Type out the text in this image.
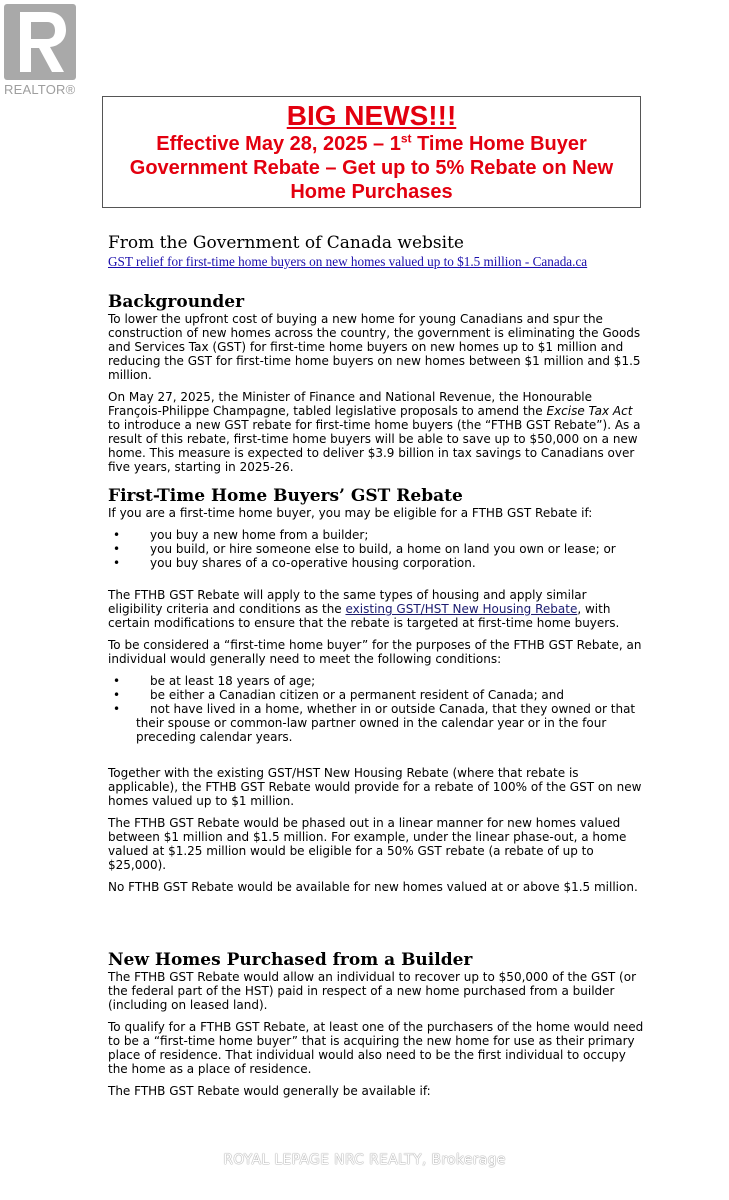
REALTOR®
BIG NEWS!!!
Effective May 28, 2025 – 1st Time Home Buyer
Government Rebate – Get up to 5% Rebate on New
Home Purchases
From the Government of Canada website
GST relief for first-time home buyers on new homes valued up to $1.5 million - Canada.ca
Backgrounder

To lower the upfront cost of buying a new home for young Canadians and spur the construction of new homes across the country, the government is eliminating the Goods and Services Tax (GST) for first-time home buyers on new homes up to $1 million and reducing the GST for first-time home buyers on new homes between $1 million and $1.5 million.

On May 27, 2025, the Minister of Finance and National Revenue, the Honourable François-Philippe Champagne, tabled legislative proposals to amend the Excise Tax Act to introduce a new GST rebate for first-time home buyers (the “FTHB GST Rebate”). As a result of this rebate, first-time home buyers will be able to save up to $50,000 on a new home. This measure is expected to deliver $3.9 billion in tax savings to Canadians over five years, starting in 2025-26.

First-Time Home Buyers’ GST Rebate

If you are a first-time home buyer, you may be eligible for a FTHB GST Rebate if:

• you buy a new home from a builder;
• you build, or hire someone else to build, a home on land you own or lease; or
• you buy shares of a co-operative housing corporation.

The FTHB GST Rebate will apply to the same types of housing and apply similar eligibility criteria and conditions as the existing GST/HST New Housing Rebate, with certain modifications to ensure that the rebate is targeted at first-time home buyers.

To be considered a “first-time home buyer” for the purposes of the FTHB GST Rebate, an individual would generally need to meet the following conditions:

• be at least 18 years of age;
• be either a Canadian citizen or a permanent resident of Canada; and
• not have lived in a home, whether in or outside Canada, that they owned or that their spouse or common-law partner owned in the calendar year or in the four preceding calendar years.

Together with the existing GST/HST New Housing Rebate (where that rebate is applicable), the FTHB GST Rebate would provide for a rebate of 100% of the GST on new homes valued up to $1 million.

The FTHB GST Rebate would be phased out in a linear manner for new homes valued between $1 million and $1.5 million. For example, under the linear phase-out, a home valued at $1.25 million would be eligible for a 50% GST rebate (a rebate of up to $25,000).

No FTHB GST Rebate would be available for new homes valued at or above $1.5 million.

New Homes Purchased from a Builder

The FTHB GST Rebate would allow an individual to recover up to $50,000 of the GST (or the federal part of the HST) paid in respect of a new home purchased from a builder (including on leased land).

To qualify for a FTHB GST Rebate, at least one of the purchasers of the home would need to be a “first-time home buyer” that is acquiring the new home for use as their primary place of residence. That individual would also need to be the first individual to occupy the home as a place of residence.

The FTHB GST Rebate would generally be available if:

ROYAL LEPAGE NRC REALTY, Brokerage
